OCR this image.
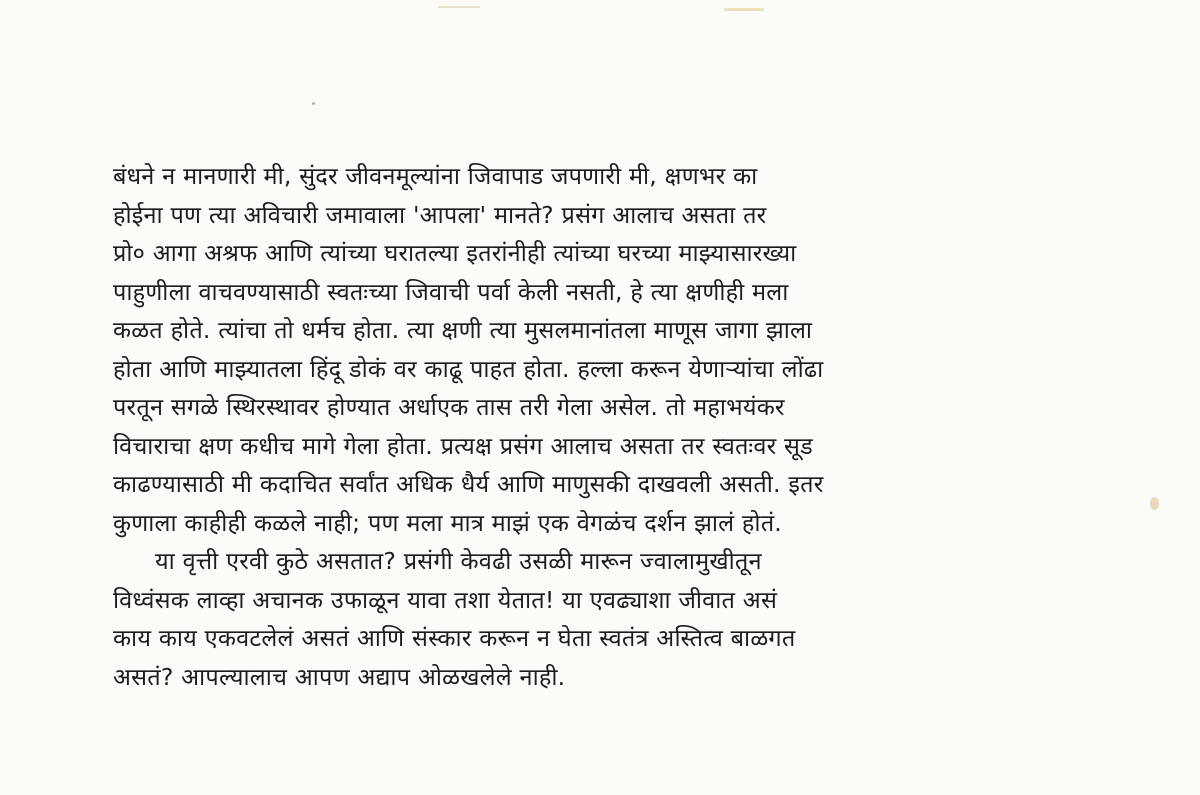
बंधने न मानणारी मी, सुंदर जीवनमूल्यांना जिवापाड जपणारी मी, क्षणभर का
होईना पण त्या अविचारी जमावाला 'आपला' मानते? प्रसंग आलाच असता तर
प्रो० आगा अश्रफ आणि त्यांच्या घरातल्या इतरांनीही त्यांच्या घरच्या माझ्यासारख्या
पाहुणीला वाचवण्यासाठी स्वतःच्या जिवाची पर्वा केली नसती, हे त्या क्षणीही मला
कळत होते. त्यांचा तो धर्मच होता. त्या क्षणी त्या मुसलमानांतला माणूस जागा झाला
होता आणि माझ्यातला हिंदू डोकं वर काढू पाहत होता. हल्ला करून येणाऱ्यांचा लोंढा
परतून सगळे स्थिरस्थावर होण्यात अर्धाएक तास तरी गेला असेल. तो महाभयंकर
विचाराचा क्षण कधीच मागे गेला होता. प्रत्यक्ष प्रसंग आलाच असता तर स्वतःवर सूड
काढण्यासाठी मी कदाचित सर्वांत अधिक धैर्य आणि माणुसकी दाखवली असती. इतर
कुणाला काहीही कळले नाही; पण मला मात्र माझं एक वेगळंच दर्शन झालं होतं.
या वृत्ती एरवी कुठे असतात? प्रसंगी केवढी उसळी मारून ज्वालामुखीतून
विध्वंसक लाव्हा अचानक उफाळून यावा तशा येतात! या एवढ्याशा जीवात असं
काय काय एकवटलेलं असतं आणि संस्कार करून न घेता स्वतंत्र अस्तित्व बाळगत
असतं? आपल्यालाच आपण अद्याप ओळखलेले नाही.
